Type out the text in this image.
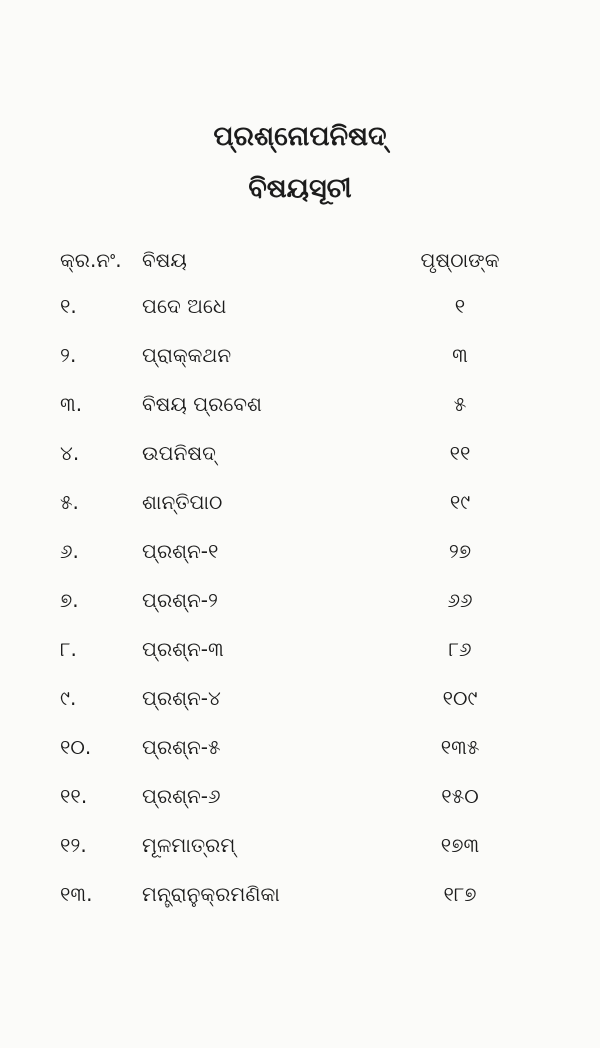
ପ୍ରଶ୍ନୋପନିଷଦ୍
ବିଷୟସୂଚୀ
କ୍ର.ନଂ.	ବିଷୟ	ପୃଷ୍ଠାଙ୍କ
୧.	ପଦେ ଅଧେ	୧
୨.	ପ୍ରାକ୍‌କଥନ	୩
୩.	ବିଷୟ ପ୍ରବେଶ	୫
୪.	ଉପନିଷଦ୍	୧୧
୫.	ଶାନ୍ତିପାଠ	୧୯
୬.	ପ୍ରଶ୍ନ-୧	୨୭
୭.	ପ୍ରଶ୍ନ-୨	୬୬
୮.	ପ୍ରଶ୍ନ-୩	୮୬
୯.	ପ୍ରଶ୍ନ-୪	୧୦୯
୧୦.	ପ୍ରଶ୍ନ-୫	୧୩୫
୧୧.	ପ୍ରଶ୍ନ-୬	୧୫୦
୧୨.	ମୂଳମାତ୍ରମ୍	୧୭୩
୧୩.	ମନ୍ତ୍ରାନୁକ୍ରମଣିକା	୧୮୭
